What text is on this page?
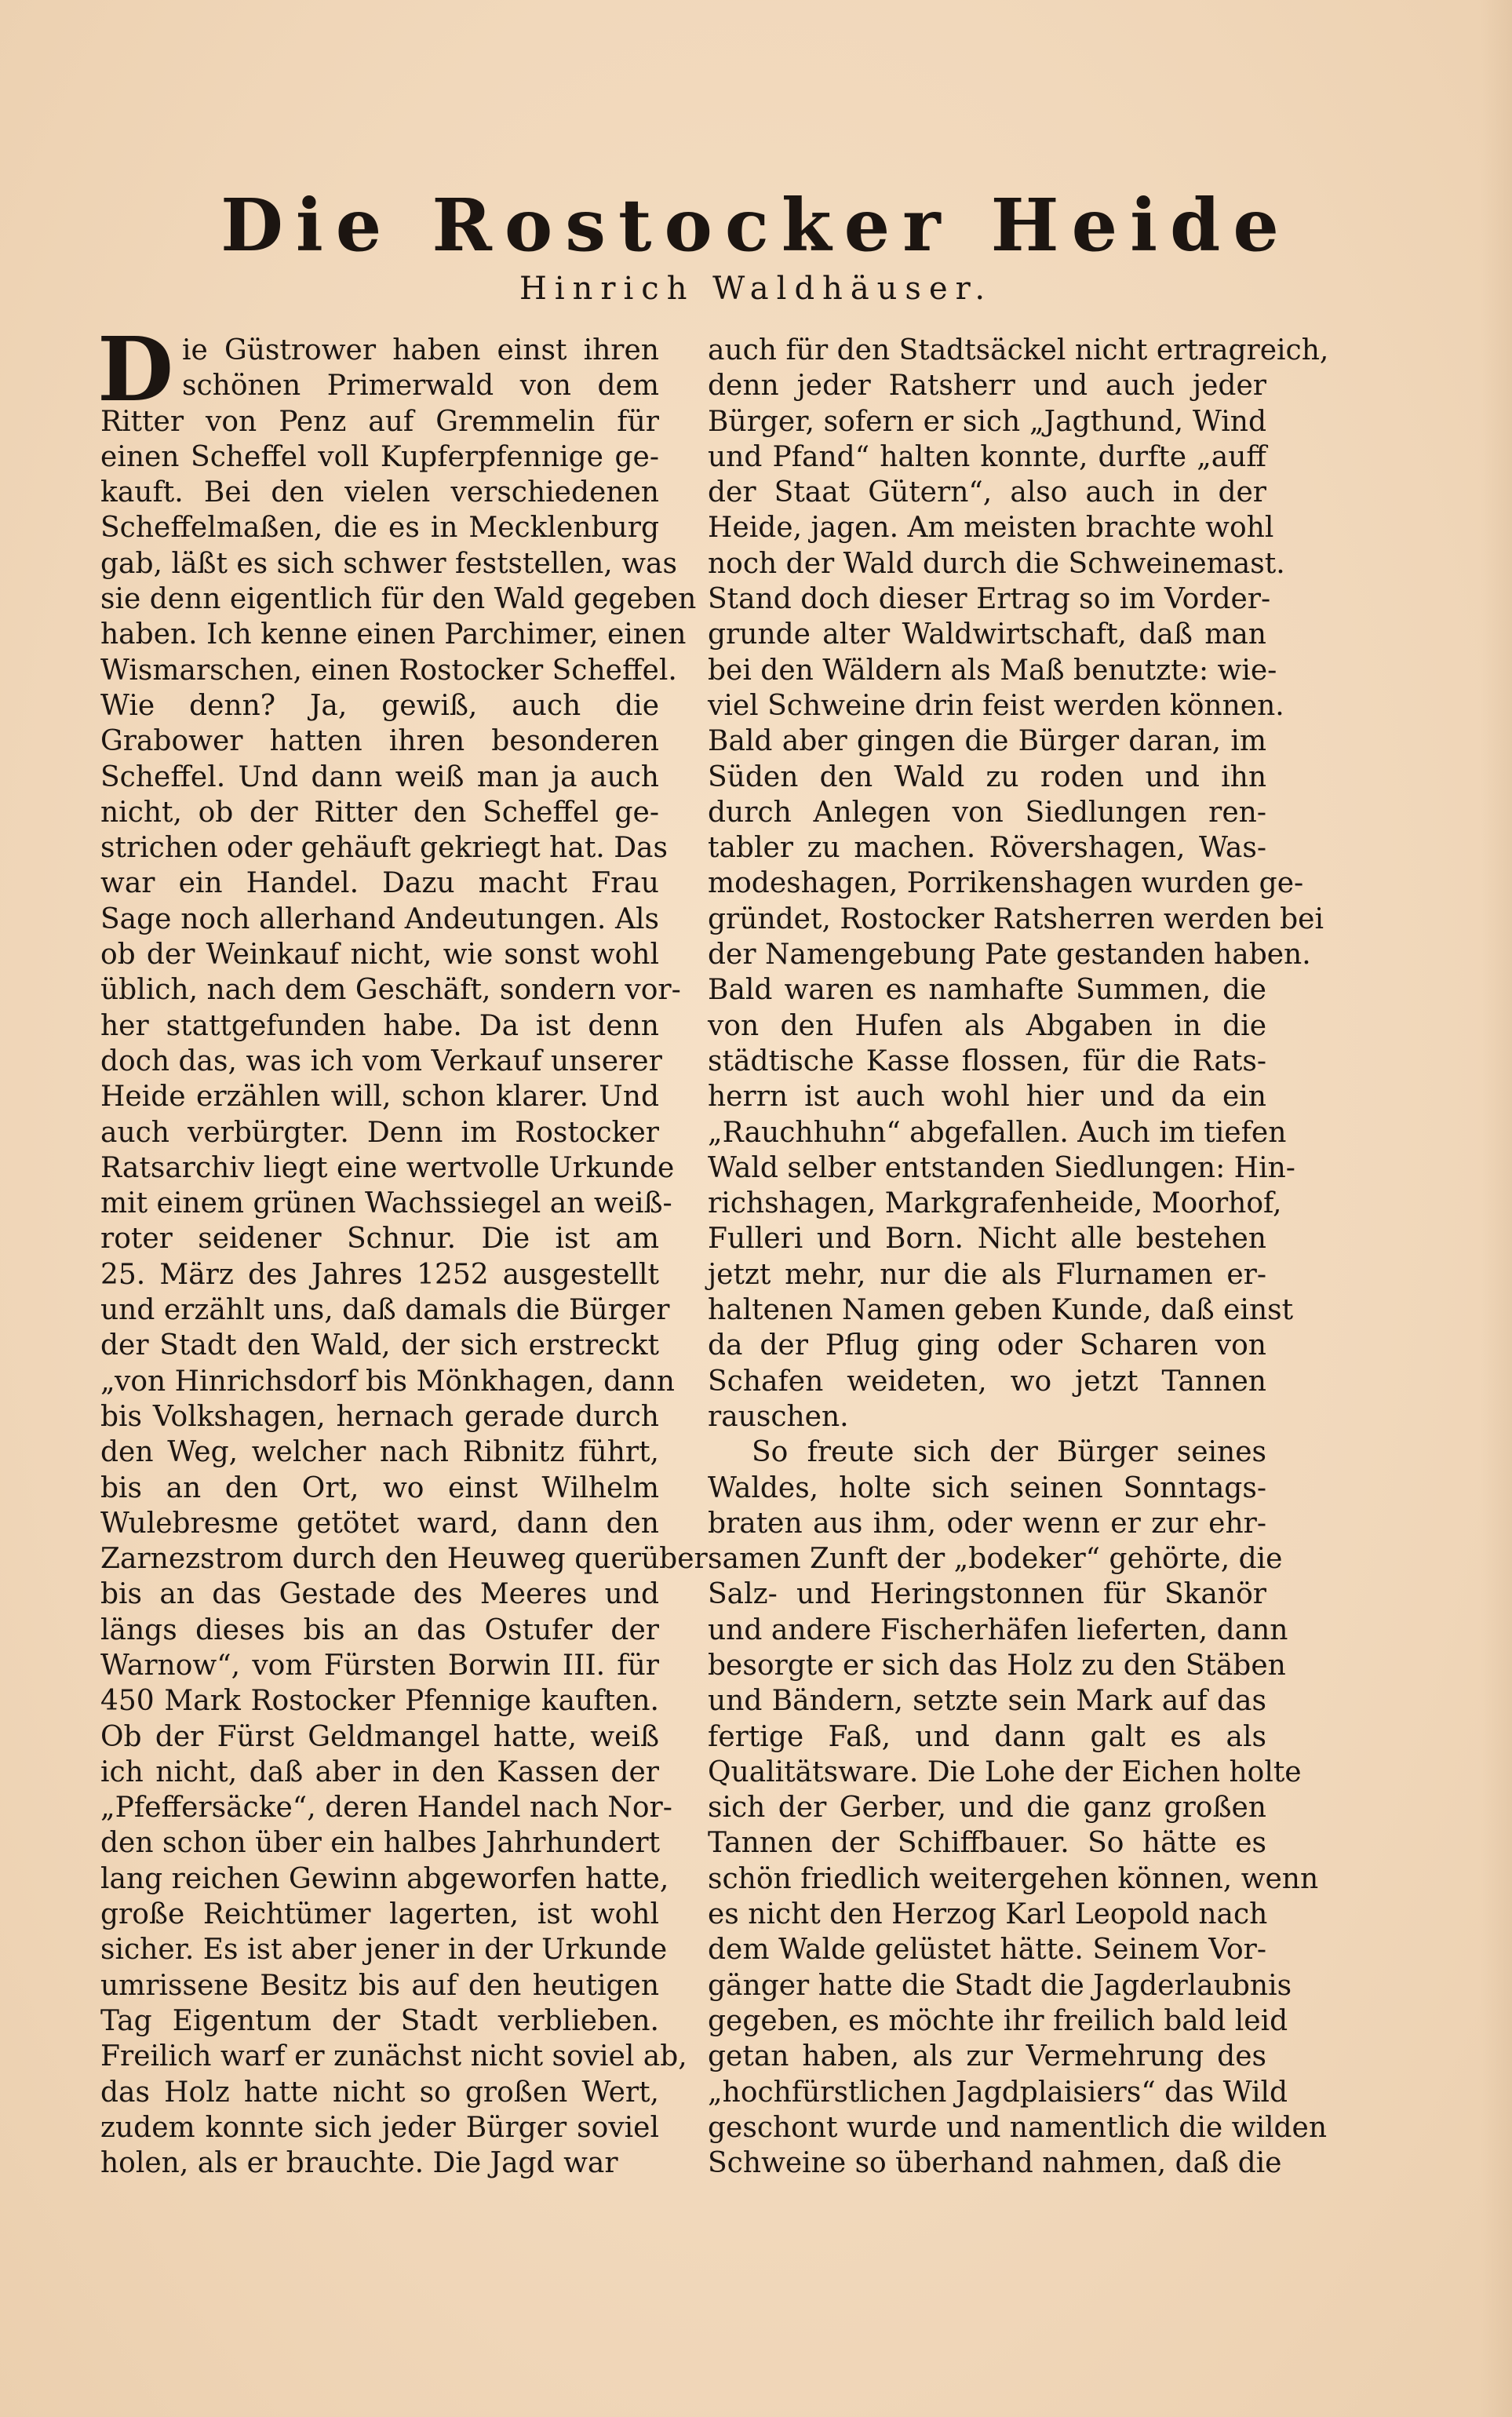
Die Rostocker Heide

Hinrich Waldhäuser.

D ie Güstrower haben einst ihren
schönen Primerwald von dem
Ritter von Penz auf Gremmelin für
einen Scheffel voll Kupferpfennige ge-
kauft. Bei den vielen verschiedenen
Scheffelmaßen, die es in Mecklenburg
gab, läßt es sich schwer feststellen, was
sie denn eigentlich für den Wald gegeben
haben. Ich kenne einen Parchimer, einen
Wismarschen, einen Rostocker Scheffel.
Wie denn? Ja, gewiß, auch die
Grabower hatten ihren besonderen
Scheffel. Und dann weiß man ja auch
nicht, ob der Ritter den Scheffel ge-
strichen oder gehäuft gekriegt hat. Das
war ein Handel. Dazu macht Frau
Sage noch allerhand Andeutungen. Als
ob der Weinkauf nicht, wie sonst wohl
üblich, nach dem Geschäft, sondern vor-
her stattgefunden habe. Da ist denn
doch das, was ich vom Verkauf unserer
Heide erzählen will, schon klarer. Und
auch verbürgter. Denn im Rostocker
Ratsarchiv liegt eine wertvolle Urkunde
mit einem grünen Wachssiegel an weiß-
roter seidener Schnur. Die ist am
25. März des Jahres 1252 ausgestellt
und erzählt uns, daß damals die Bürger
der Stadt den Wald, der sich erstreckt
„von Hinrichsdorf bis Mönkhagen, dann
bis Volkshagen, hernach gerade durch
den Weg, welcher nach Ribnitz führt,
bis an den Ort, wo einst Wilhelm
Wulebresme getötet ward, dann den
Zarnezstrom durch den Heuweg querüber
bis an das Gestade des Meeres und
längs dieses bis an das Ostufer der
Warnow“, vom Fürsten Borwin III. für
450 Mark Rostocker Pfennige kauften.
Ob der Fürst Geldmangel hatte, weiß
ich nicht, daß aber in den Kassen der
„Pfeffersäcke“, deren Handel nach Nor-
den schon über ein halbes Jahrhundert
lang reichen Gewinn abgeworfen hatte,
große Reichtümer lagerten, ist wohl
sicher. Es ist aber jener in der Urkunde
umrissene Besitz bis auf den heutigen
Tag Eigentum der Stadt verblieben.
Freilich warf er zunächst nicht soviel ab,
das Holz hatte nicht so großen Wert,
zudem konnte sich jeder Bürger soviel
holen, als er brauchte. Die Jagd war
auch für den Stadtsäckel nicht ertragreich,
denn jeder Ratsherr und auch jeder
Bürger, sofern er sich „Jagthund, Wind
und Pfand“ halten konnte, durfte „auff
der Staat Gütern“, also auch in der
Heide, jagen. Am meisten brachte wohl
noch der Wald durch die Schweinemast.
Stand doch dieser Ertrag so im Vorder-
grunde alter Waldwirtschaft, daß man
bei den Wäldern als Maß benutzte: wie-
viel Schweine drin feist werden können.
Bald aber gingen die Bürger daran, im
Süden den Wald zu roden und ihn
durch Anlegen von Siedlungen ren-
tabler zu machen. Rövershagen, Was-
modeshagen, Porrikenshagen wurden ge-
gründet, Rostocker Ratsherren werden bei
der Namengebung Pate gestanden haben.
Bald waren es namhafte Summen, die
von den Hufen als Abgaben in die
städtische Kasse flossen, für die Rats-
herrn ist auch wohl hier und da ein
„Rauchhuhn“ abgefallen. Auch im tiefen
Wald selber entstanden Siedlungen: Hin-
richshagen, Markgrafenheide, Moorhof,
Fulleri und Born. Nicht alle bestehen
jetzt mehr, nur die als Flurnamen er-
haltenen Namen geben Kunde, daß einst
da der Pflug ging oder Scharen von
Schafen weideten, wo jetzt Tannen
rauschen.
So freute sich der Bürger seines
Waldes, holte sich seinen Sonntags-
braten aus ihm, oder wenn er zur ehr-
samen Zunft der „bodeker“ gehörte, die
Salz- und Heringstonnen für Skanör
und andere Fischerhäfen lieferten, dann
besorgte er sich das Holz zu den Stäben
und Bändern, setzte sein Mark auf das
fertige Faß, und dann galt es als
Qualitätsware. Die Lohe der Eichen holte
sich der Gerber, und die ganz großen
Tannen der Schiffbauer. So hätte es
schön friedlich weitergehen können, wenn
es nicht den Herzog Karl Leopold nach
dem Walde gelüstet hätte. Seinem Vor-
gänger hatte die Stadt die Jagderlaubnis
gegeben, es möchte ihr freilich bald leid
getan haben, als zur Vermehrung des
„hochfürstlichen Jagdplaisiers“ das Wild
geschont wurde und namentlich die wilden
Schweine so überhand nahmen, daß die
